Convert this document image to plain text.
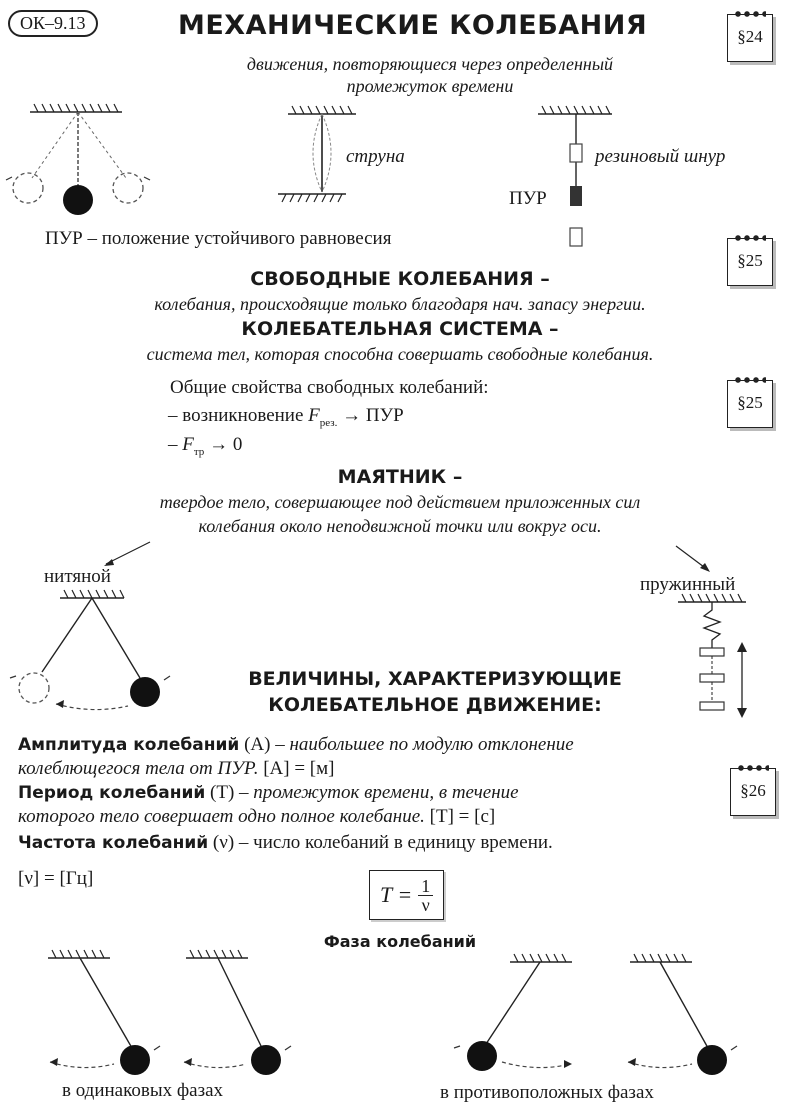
ОК–9.13	МЕХАНИЧЕСКИЕ КОЛЕБАНИЯ	§24
движения, повторяющиеся через определенный
промежуток времени
струна	резиновый шнур
ПУР
ПУР – положение устойчивого равновесия
§25
СВОБОДНЫЕ КОЛЕБАНИЯ –
колебания, происходящие только благодаря нач. запасу энергии.
КОЛЕБАТЕЛЬНАЯ СИСТЕМА –
система тел, которая способна совершать свободные колебания.
Общие свойства свободных колебаний:
– возникновение $F_{рез.}$ → ПУР
– $F_{тр} \to 0$
§25
МАЯТНИК –
твердое тело, совершающее под действием приложенных сил
колебания около неподвижной точки или вокруг оси.
нитяной	пружинный
ВЕЛИЧИНЫ, ХАРАКТЕРИЗУЮЩИЕ
КОЛЕБАТЕЛЬНОЕ ДВИЖЕНИЕ:
Амплитуда колебаний (A) – наибольшее по модулю отклонение
колеблющегося тела от ПУР. [A] = [м]
Период колебаний (T) – промежуток времени, в течение
которого тело совершает одно полное колебание. [T] = [c]
Частота колебаний (ν) – число колебаний в единицу времени.
[ν] = [Гц]
§26
$T = \frac{1}{\nu}$
Фаза колебаний
в одинаковых фазах	в противоположных фазах
